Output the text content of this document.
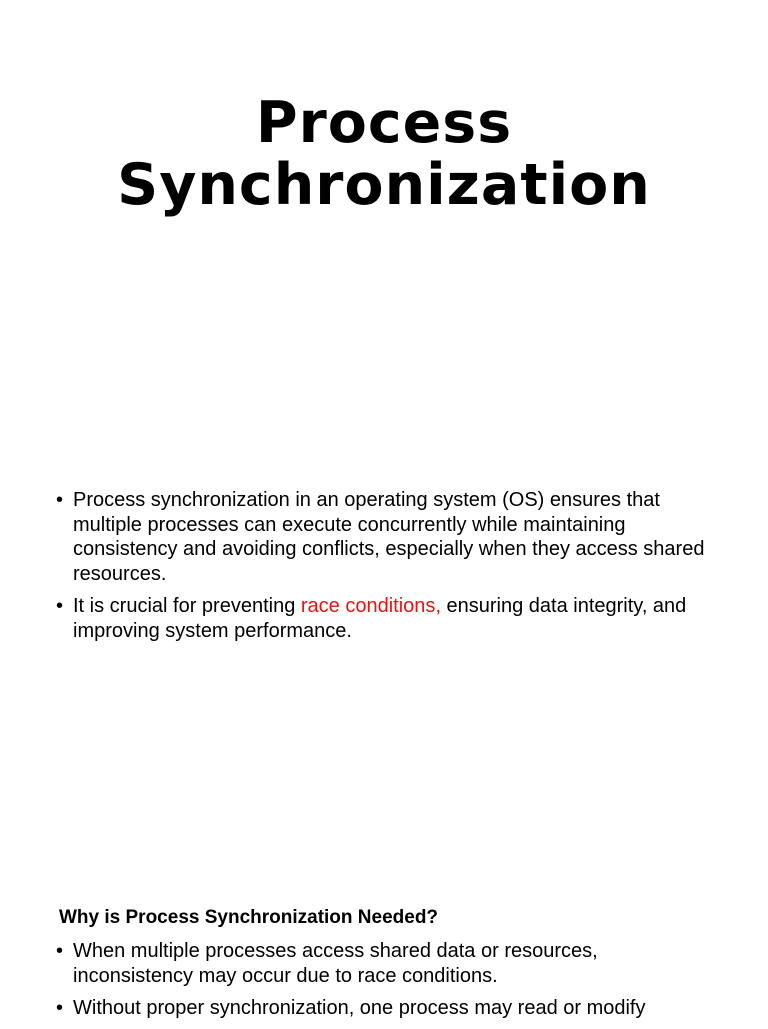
Process
Synchronization
• Process synchronization in an operating system (OS) ensures that multiple processes can execute concurrently while maintaining consistency and avoiding conflicts, especially when they access shared resources.
• It is crucial for preventing race conditions, ensuring data integrity, and improving system performance.

Why is Process Synchronization Needed?

• When multiple processes access shared data or resources, inconsistency may occur due to race conditions.
• Without proper synchronization, one process may read or modify
